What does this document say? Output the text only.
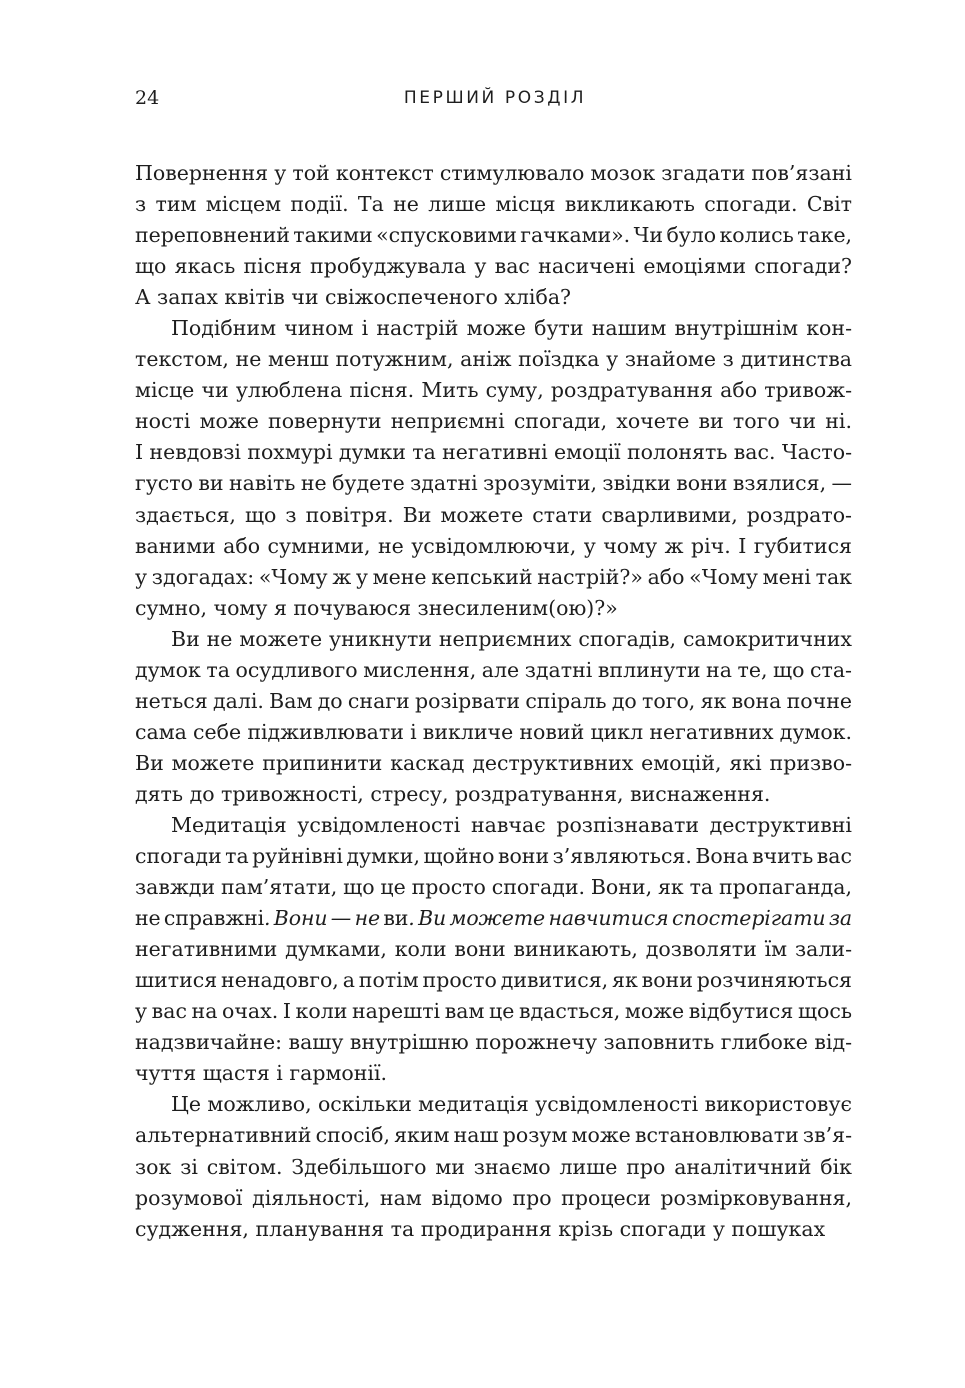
24	ПЕРШИЙ РОЗДІЛ
Повернення у той контекст стимулювало мозок згадати пов’язані
з тим місцем події. Та не лише місця викликають спогади. Світ
переповнений такими «спусковими гачками». Чи було колись таке,
що якась пісня пробуджувала у вас насичені емоціями спогади?
А запах квітів чи свіжоспеченого хліба?
Подібним чином і настрій може бути нашим внутрішнім кон-
текстом, не менш потужним, аніж поїздка у знайоме з дитинства
місце чи улюблена пісня. Мить суму, роздратування або тривож-
ності може повернути неприємні спогади, хочете ви того чи ні.
І невдовзі похмурі думки та негативні емоції полонять вас. Часто-
густо ви навіть не будете здатні зрозуміти, звідки вони взялися, —
здається, що з повітря. Ви можете стати сварливими, роздрато-
ваними або сумними, не усвідомлюючи, у чому ж річ. І губитися
у здогадах: «Чому ж у мене кепський настрій?» або «Чому мені так
сумно, чому я почуваюся знесиленим(ою)?»
Ви не можете уникнути неприємних спогадів, самокритичних
думок та осудливого мислення, але здатні вплинути на те, що ста-
неться далі. Вам до снаги розірвати спіраль до того, як вона почне
сама себе підживлювати і викличе новий цикл негативних думок.
Ви можете припинити каскад деструктивних емоцій, які призво-
дять до тривожності, стресу, роздратування, виснаження.
Медитація усвідомленості навчає розпізнавати деструктивні
спогади та руйнівні думки, щойно вони з’являються. Вона вчить вас
завжди пам’ятати, що це просто спогади. Вони, як та пропаганда,
не справжні. Вони — не ви. Ви можете навчитися спостерігати за
негативними думками, коли вони виникають, дозволяти їм зали-
шитися ненадовго, а потім просто дивитися, як вони розчиняються
у вас на очах. І коли нарешті вам це вдасться, може відбутися щось
надзвичайне: вашу внутрішню порожнечу заповнить глибоке від-
чуття щастя і гармонії.
Це можливо, оскільки медитація усвідомленості використовує
альтернативний спосіб, яким наш розум може встановлювати зв’я-
зок зі світом. Здебільшого ми знаємо лише про аналітичний бік
розумової діяльності, нам відомо про процеси розмірковування,
судження, планування та продирання крізь спогади у пошуках
